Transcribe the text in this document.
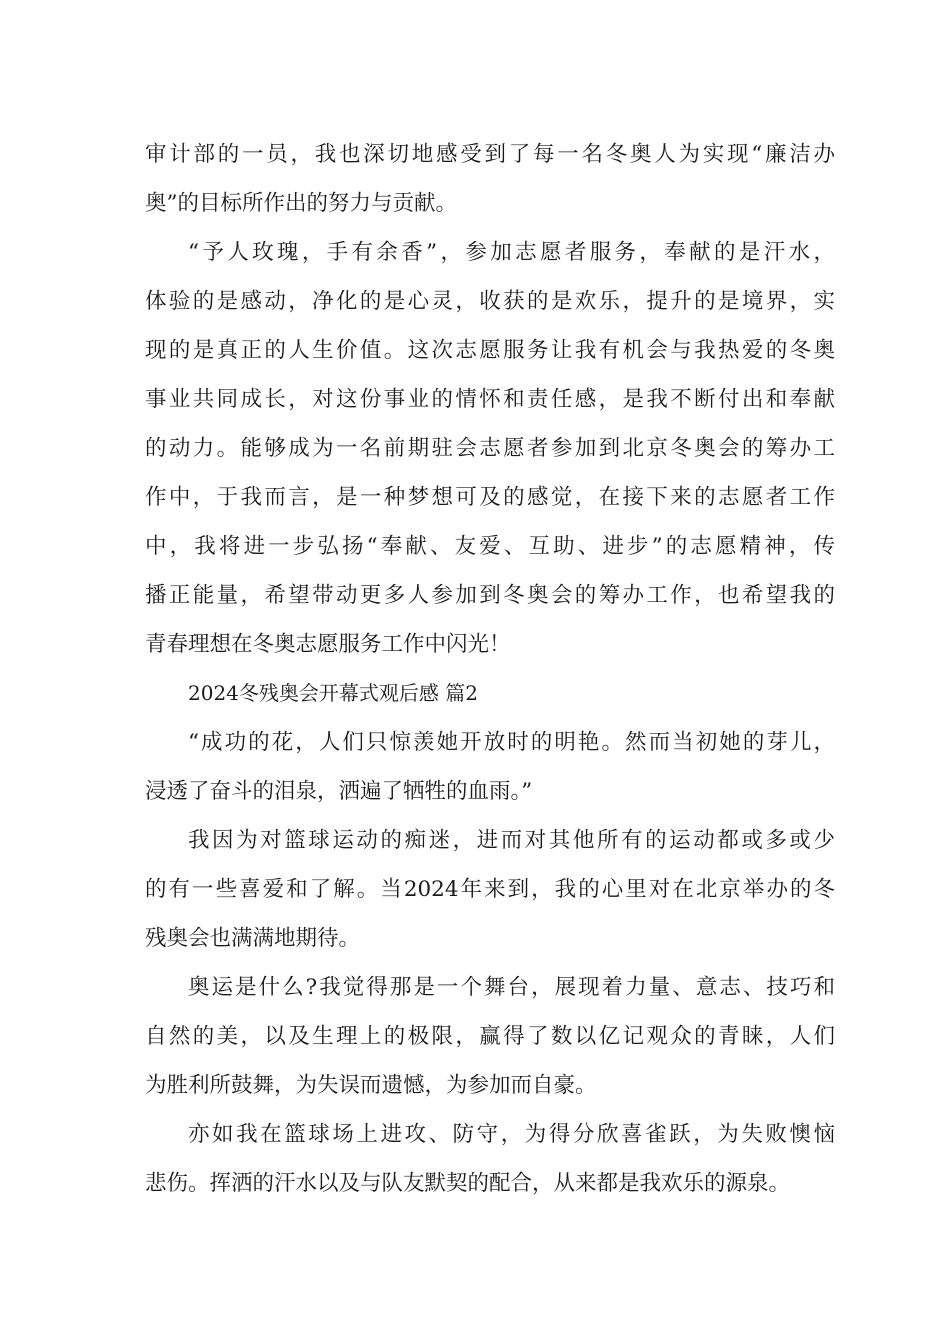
审计部的一员，我也深切地感受到了每一名冬奥人为实现“廉洁办
奥”的目标所作出的努力与贡献。
“予人玫瑰，手有余香”，参加志愿者服务，奉献的是汗水，
体验的是感动，净化的是心灵，收获的是欢乐，提升的是境界，实
现的是真正的人生价值。这次志愿服务让我有机会与我热爱的冬奥
事业共同成长，对这份事业的情怀和责任感，是我不断付出和奉献
的动力。能够成为一名前期驻会志愿者参加到北京冬奥会的筹办工
作中，于我而言，是一种梦想可及的感觉，在接下来的志愿者工作
中，我将进一步弘扬“奉献、友爱、互助、进步”的志愿精神，传
播正能量，希望带动更多人参加到冬奥会的筹办工作，也希望我的
青春理想在冬奥志愿服务工作中闪光！
2024冬残奥会开幕式观后感 篇2
“成功的花，人们只惊羡她开放时的明艳。然而当初她的芽儿，
浸透了奋斗的泪泉，洒遍了牺牲的血雨。”
我因为对篮球运动的痴迷，进而对其他所有的运动都或多或少
的有一些喜爱和了解。当2024年来到，我的心里对在北京举办的冬
残奥会也满满地期待。
奥运是什么?我觉得那是一个舞台，展现着力量、意志、技巧和
自然的美，以及生理上的极限，赢得了数以亿记观众的青睐，人们
为胜利所鼓舞，为失误而遗憾，为参加而自豪。
亦如我在篮球场上进攻、防守，为得分欣喜雀跃，为失败懊恼
悲伤。挥洒的汗水以及与队友默契的配合，从来都是我欢乐的源泉。
